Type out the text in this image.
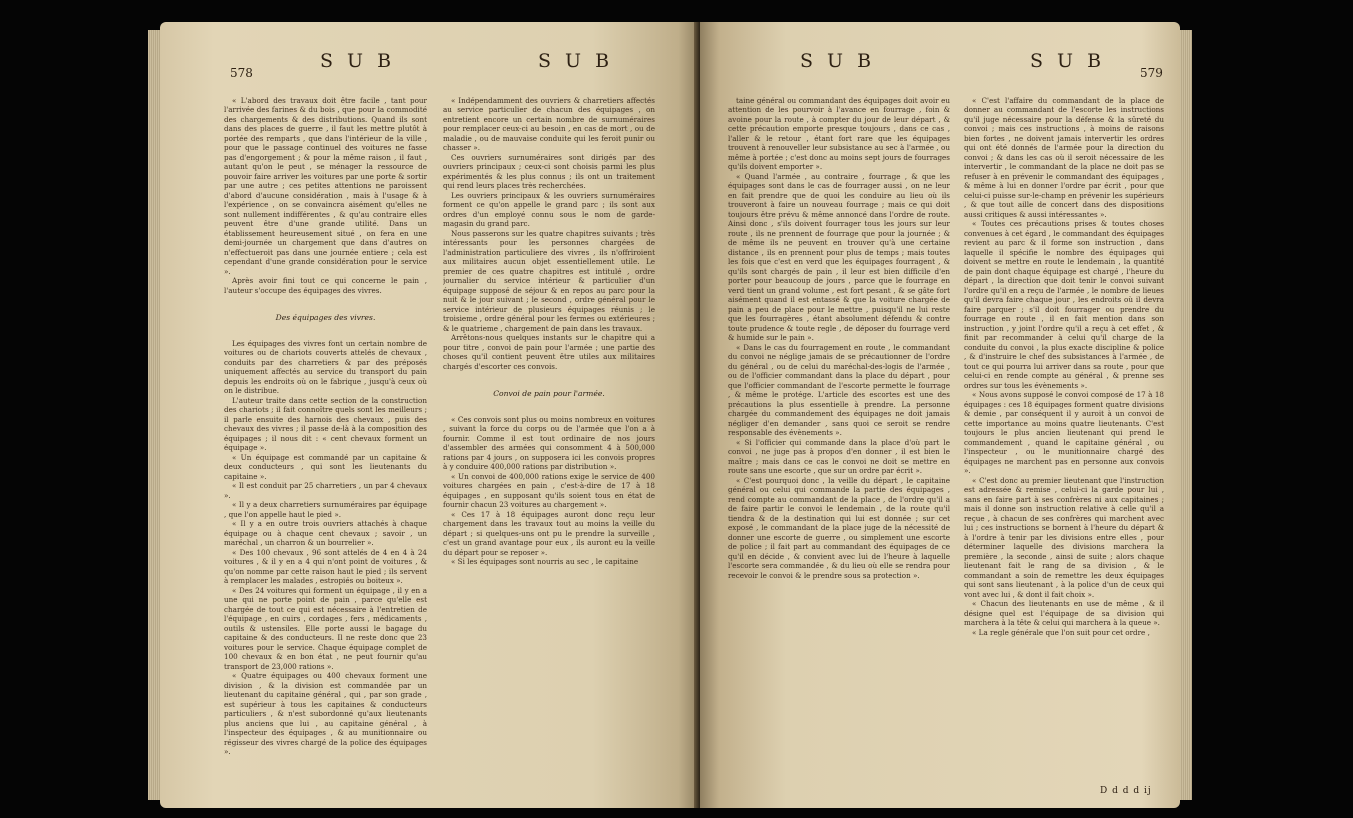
578
S U B	S U B

« L'abord des travaux doit être facile , tant pour l'arrivée des farines & du bois , que pour la commodité des chargements & des distributions. Quand ils sont dans des places de guerre , il faut les mettre plutôt à portée des remparts , que dans l'intérieur de la ville , pour que le passage continuel des voitures ne fasse pas d'engorgement ; & pour la même raison , il faut , autant qu'on le peut , se ménager la ressource de pouvoir faire arriver les voitures par une porte & sortir par une autre ; ces petites attentions ne paroissent d'abord d'aucune considération , mais à l'usage & à l'expérience , on se convaincra aisément qu'elles ne sont nullement indifférentes , & qu'au contraire elles peuvent être d'une grande utilité. Dans un établissement heureusement situé , on fera en une demi-journée un chargement que dans d'autres on n'effectueroit pas dans une journée entiere ; cela est cependant d'une grande considération pour le service ».

Après avoir fini tout ce qui concerne le pain , l'auteur s'occupe des équipages des vivres.

Des équipages des vivres.

Les équipages des vivres font un certain nombre de voitures ou de chariots couverts attelés de chevaux , conduits par des charretiers & par des préposés uniquement affectés au service du transport du pain depuis les endroits où on le fabrique , jusqu'à ceux où on le distribue.

L'auteur traite dans cette section de la construction des chariots ; il fait connoître quels sont les meilleurs ; il parle ensuite des harnois des chevaux , puis des chevaux des vivres ; il passe de-là à la composition des équipages ; il nous dit : « cent chevaux forment un équipage ».

« Un équipage est commandé par un capitaine & deux conducteurs , qui sont les lieutenants du capitaine ».

« Il est conduit par 25 charretiers , un par 4 chevaux ».

« Il y a deux charretiers surnuméraires par équipage , que l'on appelle haut le pied ».

« Il y a en outre trois ouvriers attachés à chaque équipage ou à chaque cent chevaux ; savoir , un maréchal , un charron & un bourrelier ».

« Des 100 chevaux , 96 sont attelés de 4 en 4 à 24 voitures , & il y en a 4 qui n'ont point de voitures , & qu'on nomme par cette raison haut le pied ; ils servent à remplacer les malades , estropiés ou boiteux ».

« Des 24 voitures qui forment un équipage , il y en a une qui ne porte point de pain , parce qu'elle est chargée de tout ce qui est nécessaire à l'entretien de l'équipage , en cuirs , cordages , fers , médicaments , outils & ustensiles. Elle porte aussi le bagage du capitaine & des conducteurs. Il ne reste donc que 23 voitures pour le service. Chaque équipage complet de 100 chevaux & en bon état , ne peut fournir qu'au transport de 23,000 rations ».

« Quatre équipages ou 400 chevaux forment une division , & la division est commandée par un lieutenant du capitaine général , qui , par son grade , est supérieur à tous les capitaines & conducteurs particuliers , & n'est subordonné qu'aux lieutenants plus anciens que lui , au capitaine général , à l'inspecteur des équipages , & au munitionnaire ou régisseur des vivres chargé de la police des équipages ».

« Indépendamment des ouvriers & charretiers affectés au service particulier de chacun des équipages , on entretient encore un certain nombre de surnuméraires pour remplacer ceux-ci au besoin , en cas de mort , ou de maladie , ou de mauvaise conduite qui les feroit punir ou chasser ».

Ces ouvriers surnuméraires sont dirigés par des ouvriers principaux ; ceux-ci sont choisis parmi les plus expérimentés & les plus connus ; ils ont un traitement qui rend leurs places très recherchées.

Les ouvriers principaux & les ouvriers surnuméraires forment ce qu'on appelle le grand parc ; ils sont aux ordres d'un employé connu sous le nom de garde-magasin du grand parc.

Nous passerons sur les quatre chapitres suivants ; très intéressants pour les personnes chargées de l'administration particuliere des vivres , ils n'offriroient aux militaires aucun objet essentiellement utile. Le premier de ces quatre chapitres est intitulé , ordre journalier du service intérieur & particulier d'un équipage supposé de séjour & en repos au parc pour la nuit & le jour suivant ; le second , ordre général pour le service intérieur de plusieurs équipages réunis ; le troisieme , ordre général pour les fermes ou extérieures ; & le quatrieme , chargement de pain dans les travaux.

Arrêtons-nous quelques instants sur le chapitre qui a pour titre , convoi de pain pour l'armée ; une partie des choses qu'il contient peuvent être utiles aux militaires chargés d'escorter ces convois.

Convoi de pain pour l'armée.

« Ces convois sont plus ou moins nombreux en voitures , suivant la force du corps ou de l'armée que l'on a à fournir. Comme il est tout ordinaire de nos jours d'assembler des armées qui consomment 4 à 500,000 rations par 4 jours , on supposera ici les convois propres à y conduire 400,000 rations par distribution ».

« Un convoi de 400,000 rations exige le service de 400 voitures chargées en pain , c'est-à-dire de 17 à 18 équipages , en supposant qu'ils soient tous en état de fournir chacun 23 voitures au chargement ».

« Ces 17 à 18 équipages auront donc reçu leur chargement dans les travaux tout au moins la veille du départ ; si quelques-uns ont pu le prendre la surveille , c'est un grand avantage pour eux , ils auront eu la veille du départ pour se reposer ».

« Si les équipages sont nourris au sec , le capitaine

S U B	S U B
579

taine général ou commandant des équipages doit avoir eu attention de les pourvoir à l'avance en fourrage , foin & avoine pour la route , à compter du jour de leur départ , & cette précaution emporte presque toujours , dans ce cas , l'aller & le retour , étant fort rare que les équipages trouvent à renouveller leur subsistance au sec à l'armée , ou même à portée ; c'est donc au moins sept jours de fourrages qu'ils doivent emporter ».

« Quand l'armée , au contraire , fourrage , & que les équipages sont dans le cas de fourrager aussi , on ne leur en fait prendre que de quoi les conduire au lieu où ils trouveront à faire un nouveau fourrage ; mais ce qui doit toujours être prévu & même annoncé dans l'ordre de route. Ainsi donc , s'ils doivent fourrager tous les jours sur leur route , ils ne prennent de fourrage que pour la journée ; & de même ils ne peuvent en trouver qu'à une certaine distance , ils en prennent pour plus de temps ; mais toutes les fois que c'est en verd que les équipages fourragent , & qu'ils sont chargés de pain , il leur est bien difficile d'en porter pour beaucoup de jours , parce que le fourrage en verd tient un grand volume , est fort pesant , & se gâte fort aisément quand il est entassé & que la voiture chargée de pain a peu de place pour le mettre , puisqu'il ne lui reste que les fourragères , étant absolument défendu & contre toute prudence & toute regle , de déposer du fourrage verd & humide sur le pain ».

« Dans le cas du fourragement en route , le commandant du convoi ne néglige jamais de se précautionner de l'ordre du général , ou de celui du maréchal-des-logis de l'armée , ou de l'officier commandant dans la place du départ , pour que l'officier commandant de l'escorte permette le fourrage , & même le protége. L'article des escortes est une des précautions la plus essentielle à prendre. La personne chargée du commandement des équipages ne doit jamais négliger d'en demander , sans quoi ce seroit se rendre responsable des évènements ».

« Si l'officier qui commande dans la place d'où part le convoi , ne juge pas à propos d'en donner , il est bien le maître ; mais dans ce cas le convoi ne doit se mettre en route sans une escorte , que sur un ordre par écrit ».

« C'est pourquoi donc , la veille du départ , le capitaine général ou celui qui commande la partie des équipages , rend compte au commandant de la place , de l'ordre qu'il a de faire partir le convoi le lendemain , de la route qu'il tiendra & de la destination qui lui est donnée ; sur cet exposé , le commandant de la place juge de la nécessité de donner une escorte de guerre , ou simplement une escorte de police ; il fait part au commandant des équipages de ce qu'il en décide , & convient avec lui de l'heure à laquelle l'escorte sera commandée , & du lieu où elle se rendra pour recevoir le convoi & le prendre sous sa protection ».

« C'est l'affaire du commandant de la place de donner au commandant de l'escorte les instructions qu'il juge nécessaire pour la défense & la sûreté du convoi ; mais ces instructions , à moins de raisons bien fortes , ne doivent jamais intervertir les ordres qui ont été donnés de l'armée pour la direction du convoi ; & dans les cas où il seroit nécessaire de les intervertir , le commandant de la place ne doit pas se refuser à en prévenir le commandant des équipages , & même à lui en donner l'ordre par écrit , pour que celui-ci puisse sur-le-champ en prévenir les supérieurs , & que tout aille de concert dans des dispositions aussi critiques & aussi intéressantes ».

« Toutes ces précautions prises & toutes choses convenues à cet égard , le commandant des équipages revient au parc & il forme son instruction , dans laquelle il spécifie le nombre des équipages qui doivent se mettre en route le lendemain , la quantité de pain dont chaque équipage est chargé , l'heure du départ , la direction que doit tenir le convoi suivant l'ordre qu'il en a reçu de l'armée , le nombre de lieues qu'il devra faire chaque jour , les endroits où il devra faire parquer ; s'il doit fourrager ou prendre du fourrage en route , il en fait mention dans son instruction , y joint l'ordre qu'il a reçu à cet effet , & finit par recommander à celui qu'il charge de la conduite du convoi , la plus exacte discipline & police , & d'instruire le chef des subsistances à l'armée , de tout ce qui pourra lui arriver dans sa route , pour que celui-ci en rende compte au général , & prenne ses ordres sur tous les évènements ».

« Nous avons supposé le convoi composé de 17 à 18 équipages : ces 18 équipages forment quatre divisions & demie , par conséquent il y auroit à un convoi de cette importance au moins quatre lieutenants. C'est toujours le plus ancien lieutenant qui prend le commandement , quand le capitaine général , ou l'inspecteur , ou le munitionnaire chargé des équipages ne marchent pas en personne aux convois ».

« C'est donc au premier lieutenant que l'instruction est adressée & remise , celui-ci la garde pour lui , sans en faire part à ses confrères ni aux capitaines ; mais il donne son instruction relative à celle qu'il a reçue , à chacun de ses confrères qui marchent avec lui ; ces instructions se bornent à l'heure du départ & à l'ordre à tenir par les divisions entre elles , pour déterminer laquelle des divisions marchera la première , la seconde , ainsi de suite ; alors chaque lieutenant fait le rang de sa division , & le commandant a soin de remettre les deux équipages qui sont sans lieutenant , à la police d'un de ceux qui vont avec lui , & dont il fait choix ».

« Chacun des lieutenants en use de même , & il désigne quel est l'équipage de sa division qui marchera à la tête & celui qui marchera à la queue ».

« La regle générale que l'on suit pour cet ordre ,

D d d d ij
